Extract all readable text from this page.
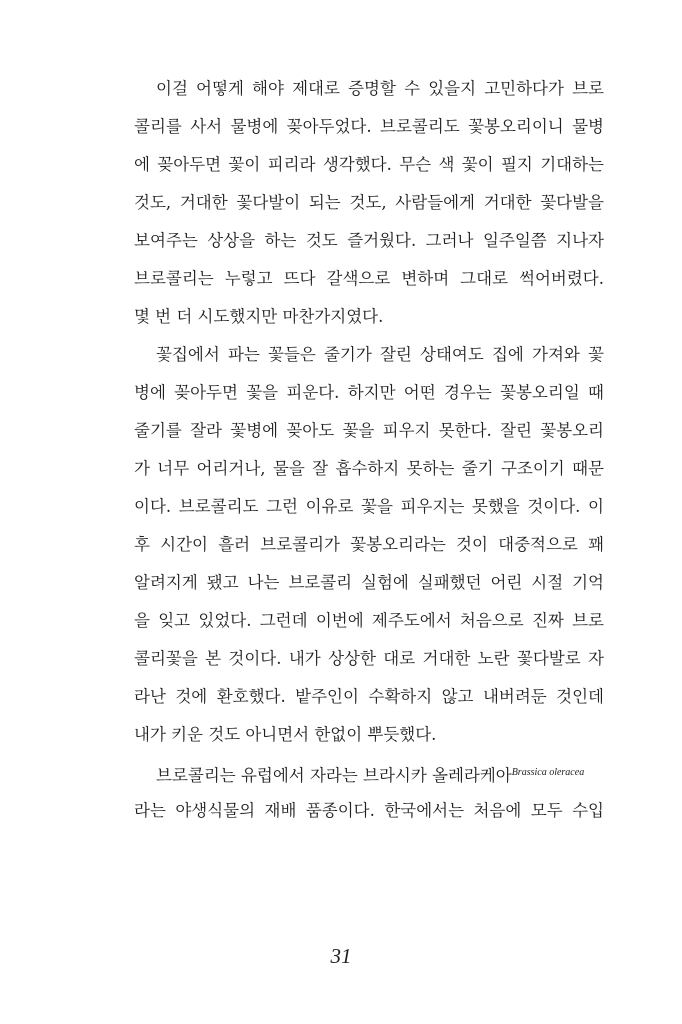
이걸 어떻게 해야 제대로 증명할 수 있을지 고민하다가 브로
콜리를 사서 물병에 꽂아두었다. 브로콜리도 꽃봉오리이니 물병
에 꽂아두면 꽃이 피리라 생각했다. 무슨 색 꽃이 필지 기대하는
것도, 거대한 꽃다발이 되는 것도, 사람들에게 거대한 꽃다발을
보여주는 상상을 하는 것도 즐거웠다. 그러나 일주일쯤 지나자
브로콜리는 누렇고 뜨다 갈색으로 변하며 그대로 썩어버렸다.
몇 번 더 시도했지만 마찬가지였다.
꽃집에서 파는 꽃들은 줄기가 잘린 상태여도 집에 가져와 꽃
병에 꽂아두면 꽃을 피운다. 하지만 어떤 경우는 꽃봉오리일 때
줄기를 잘라 꽃병에 꽂아도 꽃을 피우지 못한다. 잘린 꽃봉오리
가 너무 어리거나, 물을 잘 흡수하지 못하는 줄기 구조이기 때문
이다. 브로콜리도 그런 이유로 꽃을 피우지는 못했을 것이다. 이
후 시간이 흘러 브로콜리가 꽃봉오리라는 것이 대중적으로 꽤
알려지게 됐고 나는 브로콜리 실험에 실패했던 어린 시절 기억
을 잊고 있었다. 그런데 이번에 제주도에서 처음으로 진짜 브로
콜리꽃을 본 것이다. 내가 상상한 대로 거대한 노란 꽃다발로 자
라난 것에 환호했다. 밭주인이 수확하지 않고 내버려둔 것인데
내가 키운 것도 아니면서 한없이 뿌듯했다.
브로콜리는 유럽에서 자라는 브라시카 올레라케아$^{Brassica oleracea}$
라는 야생식물의 재배 품종이다. 한국에서는 처음에 모두 수입
31
